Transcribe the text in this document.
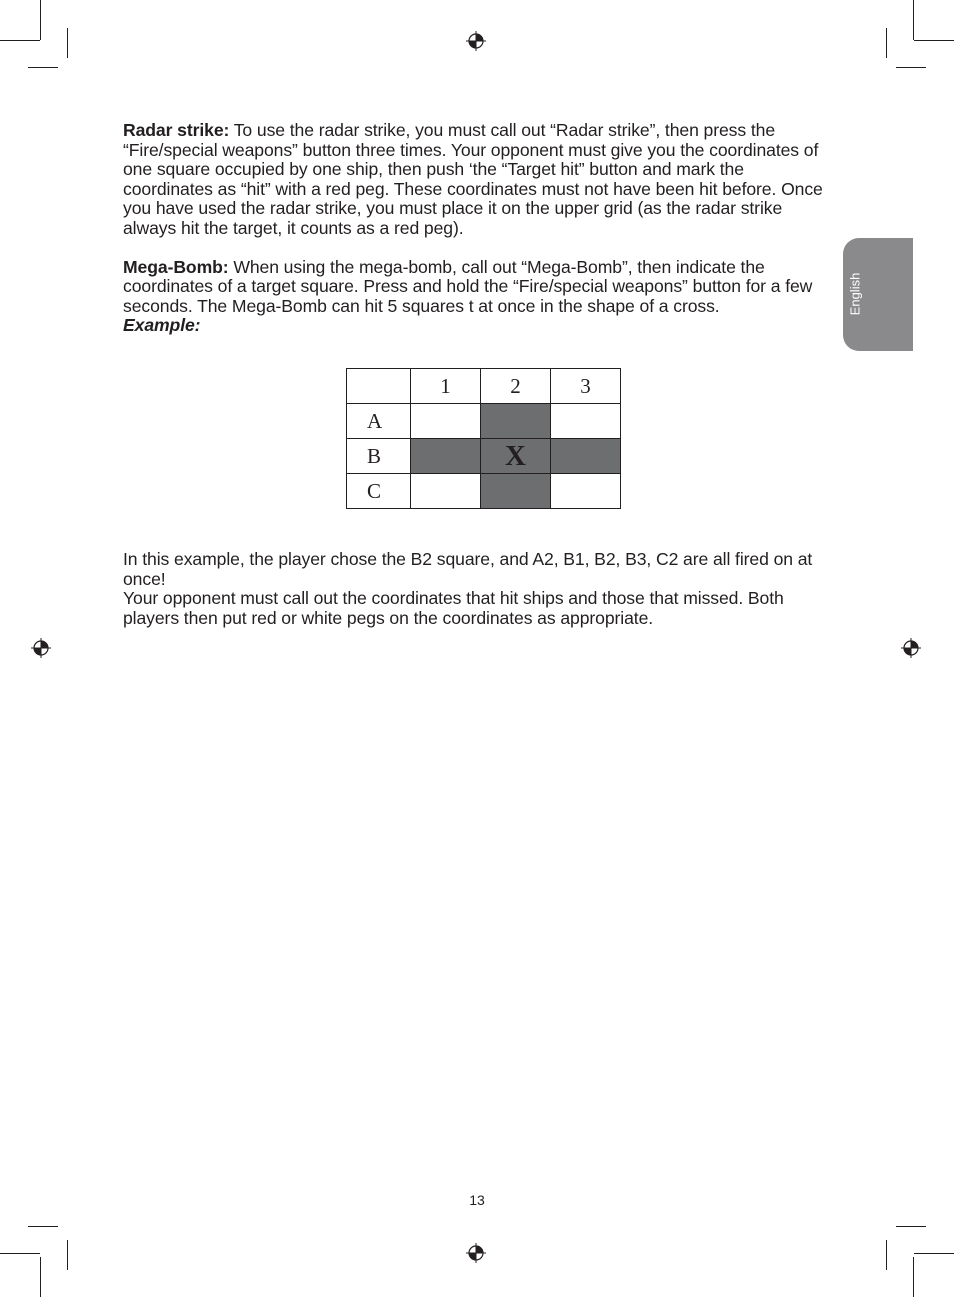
English

Radar strike: To use the radar strike, you must call out “Radar strike”, then press the “Fire/special weapons” button three times. Your opponent must give you the coordinates of one square occupied by one ship, then push ‘the “Target hit” button and mark the coordinates as “hit” with a red peg. These coordinates must not have been hit before. Once you have used the radar strike, you must place it on the upper grid (as the radar strike always hit the target, it counts as a red peg).

Mega-Bomb: When using the mega-bomb, call out “Mega-Bomb”, then indicate the coordinates of a target square. Press and hold the “Fire/special weapons” button for a few seconds. The Mega-Bomb can hit 5 squares t at once in the shape of a cross.

Example:

	1	2	3
A			
B		X	
C			

In this example, the player chose the B2 square, and A2, B1, B2, B3, C2 are all fired on at once!

Your opponent must call out the coordinates that hit ships and those that missed. Both players then put red or white pegs on the coordinates as appropriate.

13
